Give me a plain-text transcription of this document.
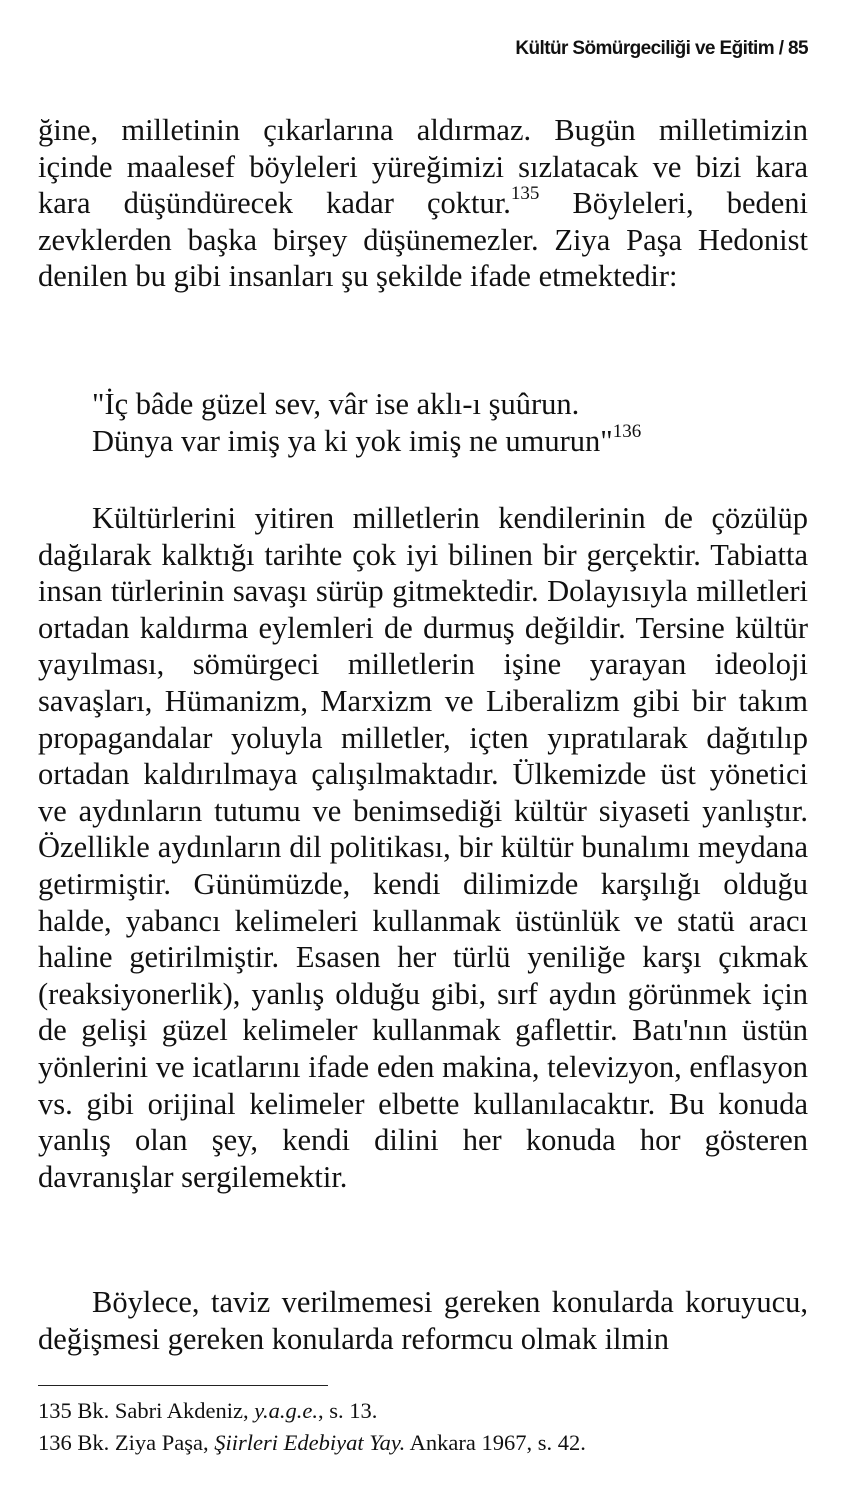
Kültür Sömürgeciliği ve Eğitim / 85
ğine, milletinin çıkarlarına aldırmaz. Bugün milletimizin içinde maalesef böyleleri yüreğimizi sızlatacak ve bizi kara kara düşündürecek kadar çoktur.$^{135}$ Böyleleri, bedeni zevklerden başka birşey düşünemezler. Ziya Paşa Hedonist denilen bu gibi insanları şu şekilde ifade etmektedir:
"İç bâde güzel sev, vâr ise aklı-ı şuûrun.
Dünya var imiş ya ki yok imiş ne umurun"$^{136}$
Kültürlerini yitiren milletlerin kendilerinin de çözülüp dağılarak kalktığı tarihte çok iyi bilinen bir gerçektir. Tabiatta insan türlerinin savaşı sürüp gitmektedir. Dolayısıyla milletleri ortadan kaldırma eylemleri de durmuş değildir. Tersine kültür yayılması, sömürgeci milletlerin işine yarayan ideoloji savaşları, Hümanizm, Marxizm ve Liberalizm gibi bir takım propagandalar yoluyla milletler, içten yıpratılarak dağıtılıp ortadan kaldırılmaya çalışılmaktadır. Ülkemizde üst yönetici ve aydınların tutumu ve benimsediği kültür siyaseti yanlıştır. Özellikle aydınların dil politikası, bir kültür bunalımı meydana getirmiştir. Günümüzde, kendi dilimizde karşılığı olduğu halde, yabancı kelimeleri kullanmak üstünlük ve statü aracı haline getirilmiştir. Esasen her türlü yeniliğe karşı çıkmak (reaksiyonerlik), yanlış olduğu gibi, sırf aydın görünmek için de gelişi güzel kelimeler kullanmak gaflettir. Batı'nın üstün yönlerini ve icatlarını ifade eden makina, televizyon, enflasyon vs. gibi orijinal kelimeler elbette kullanılacaktır. Bu konuda yanlış olan şey, kendi dilini her konuda hor gösteren davranışlar sergilemektir.
Böylece, taviz verilmemesi gereken konularda koruyucu, değişmesi gereken konularda reformcu olmak ilmin
135 Bk. Sabri Akdeniz, y.a.g.e., s. 13.
136 Bk. Ziya Paşa, Şiirleri Edebiyat Yay. Ankara 1967, s. 42.
